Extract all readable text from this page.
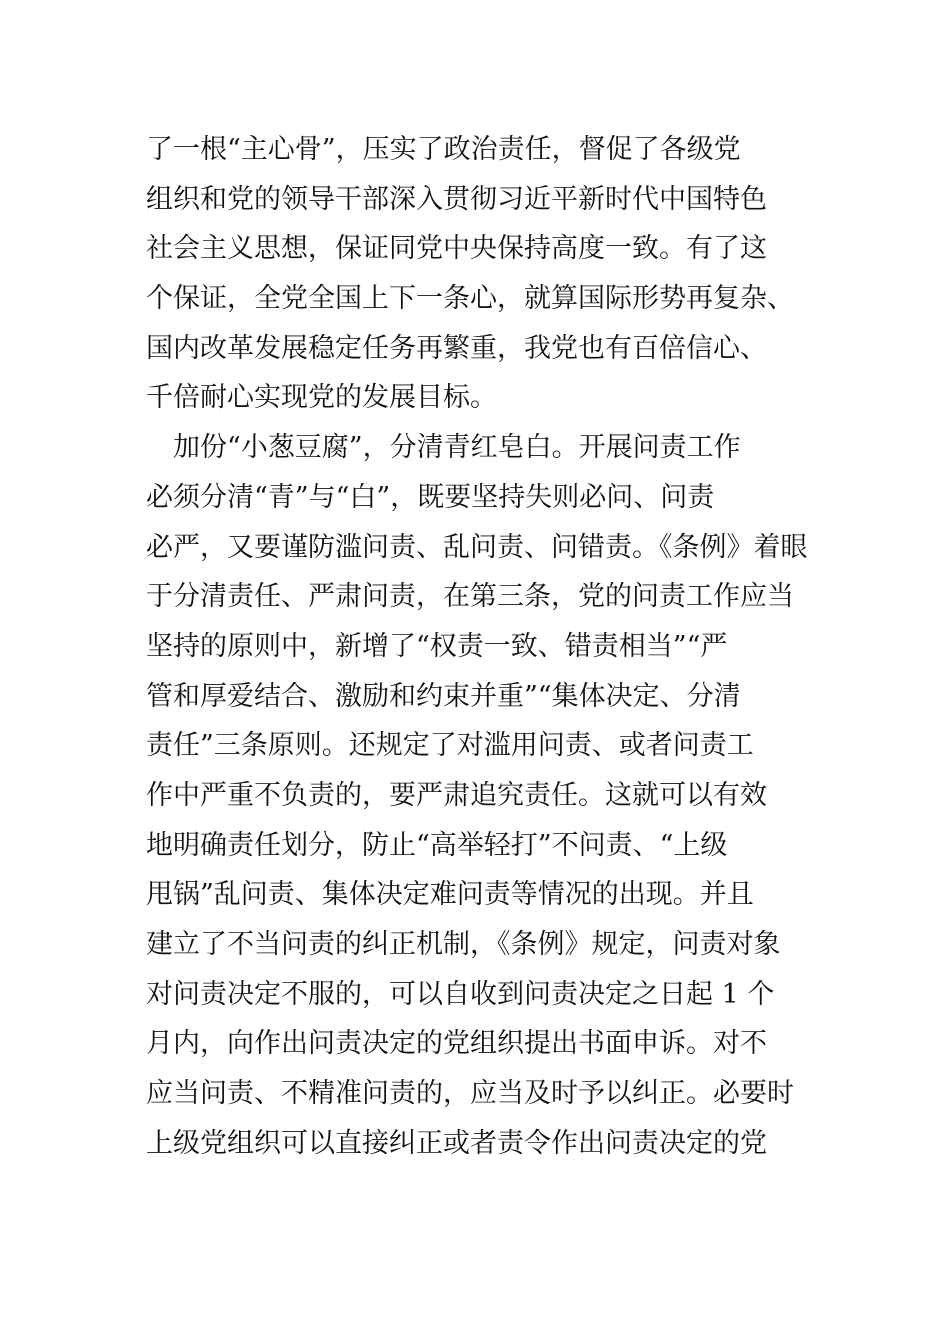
了一根“主心骨”，压实了政治责任，督促了各级党
组织和党的领导干部深入贯彻习近平新时代中国特色
社会主义思想，保证同党中央保持高度一致。有了这
个保证，全党全国上下一条心，就算国际形势再复杂、
国内改革发展稳定任务再繁重，我党也有百倍信心、
千倍耐心实现党的发展目标。
　加份“小葱豆腐”，分清青红皂白。开展问责工作
必须分清“青”与“白”，既要坚持失则必问、问责
必严，又要谨防滥问责、乱问责、问错责。《条例》着眼
于分清责任、严肃问责，在第三条，党的问责工作应当
坚持的原则中，新增了“权责一致、错责相当”“严
管和厚爱结合、激励和约束并重”“集体决定、分清
责任”三条原则。还规定了对滥用问责、或者问责工
作中严重不负责的，要严肃追究责任。这就可以有效
地明确责任划分，防止“高举轻打”不问责、“上级
甩锅”乱问责、集体决定难问责等情况的出现。并且
建立了不当问责的纠正机制，《条例》规定，问责对象
对问责决定不服的，可以自收到问责决定之日起 1 个
月内，向作出问责决定的党组织提出书面申诉。对不
应当问责、不精准问责的，应当及时予以纠正。必要时
上级党组织可以直接纠正或者责令作出问责决定的党
